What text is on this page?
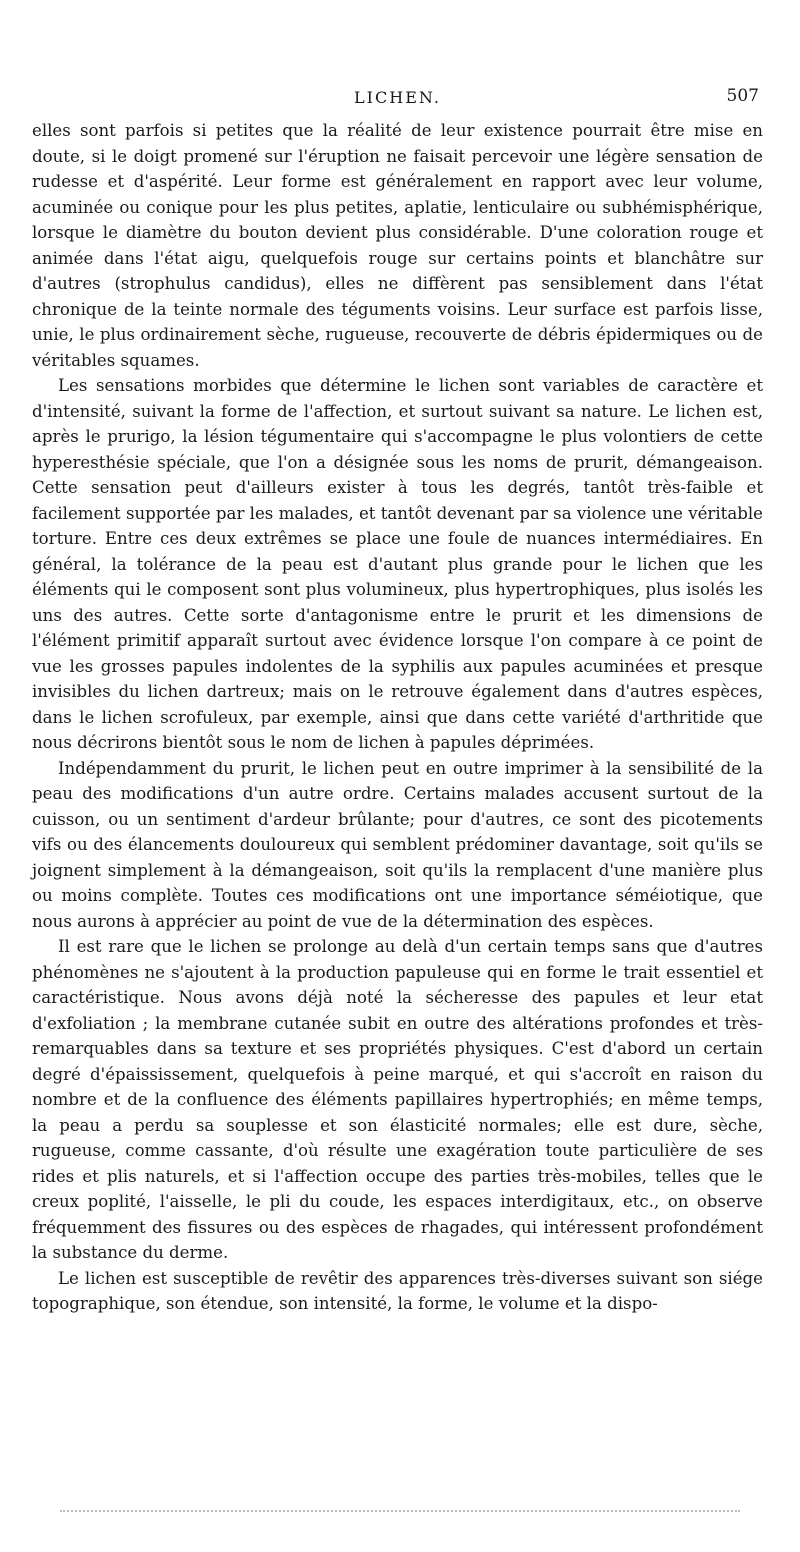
LICHEN.	507

elles sont parfois si petites que la réalité de leur existence pourrait être mise en doute, si le doigt promené sur l'éruption ne faisait percevoir une légère sensation de rudesse et d'aspérité. Leur forme est généralement en rapport avec leur volume, acuminée ou conique pour les plus petites, aplatie, lenticulaire ou subhémisphérique, lorsque le diamètre du bouton devient plus considérable. D'une coloration rouge et animée dans l'état aigu, quelquefois rouge sur certains points et blanchâtre sur d'autres (strophulus candidus), elles ne diffèrent pas sensiblement dans l'état chronique de la teinte normale des téguments voisins. Leur surface est parfois lisse, unie, le plus ordinairement sèche, rugueuse, recouverte de débris épidermiques ou de véritables squames.

Les sensations morbides que détermine le lichen sont variables de caractère et d'intensité, suivant la forme de l'affection, et surtout suivant sa nature. Le lichen est, après le prurigo, la lésion tégumentaire qui s'accompagne le plus volontiers de cette hyperesthésie spéciale, que l'on a désignée sous les noms de prurit, démangeaison. Cette sensation peut d'ailleurs exister à tous les degrés, tantôt très-faible et facilement supportée par les malades, et tantôt devenant par sa violence une véritable torture. Entre ces deux extrêmes se place une foule de nuances intermédiaires. En général, la tolérance de la peau est d'autant plus grande pour le lichen que les éléments qui le composent sont plus volumineux, plus hypertrophiques, plus isolés les uns des autres. Cette sorte d'antagonisme entre le prurit et les dimensions de l'élément primitif apparaît surtout avec évidence lorsque l'on compare à ce point de vue les grosses papules indolentes de la syphilis aux papules acuminées et presque invisibles du lichen dartreux; mais on le retrouve également dans d'autres espèces, dans le lichen scrofuleux, par exemple, ainsi que dans cette variété d'arthritide que nous décrirons bientôt sous le nom de lichen à papules déprimées.

Indépendamment du prurit, le lichen peut en outre imprimer à la sensibilité de la peau des modifications d'un autre ordre. Certains malades accusent surtout de la cuisson, ou un sentiment d'ardeur brûlante; pour d'autres, ce sont des picotements vifs ou des élancements douloureux qui semblent prédominer davantage, soit qu'ils se joignent simplement à la démangeaison, soit qu'ils la remplacent d'une manière plus ou moins complète. Toutes ces modifications ont une importance séméiotique, que nous aurons à apprécier au point de vue de la détermination des espèces.

Il est rare que le lichen se prolonge au delà d'un certain temps sans que d'autres phénomènes ne s'ajoutent à la production papuleuse qui en forme le trait essentiel et caractéristique. Nous avons déjà noté la sécheresse des papules et leur etat d'exfoliation ; la membrane cutanée subit en outre des altérations profondes et très-remarquables dans sa texture et ses propriétés physiques. C'est d'abord un certain degré d'épaississement, quelquefois à peine marqué, et qui s'accroît en raison du nombre et de la confluence des éléments papillaires hypertrophiés; en même temps, la peau a perdu sa souplesse et son élasticité normales; elle est dure, sèche, rugueuse, comme cassante, d'où résulte une exagération toute particulière de ses rides et plis naturels, et si l'affection occupe des parties très-mobiles, telles que le creux poplité, l'aisselle, le pli du coude, les espaces interdigitaux, etc., on observe fréquemment des fissures ou des espèces de rhagades, qui intéressent profondément la substance du derme.

Le lichen est susceptible de revêtir des apparences très-diverses suivant son siége topographique, son étendue, son intensité, la forme, le volume et la dispo-
